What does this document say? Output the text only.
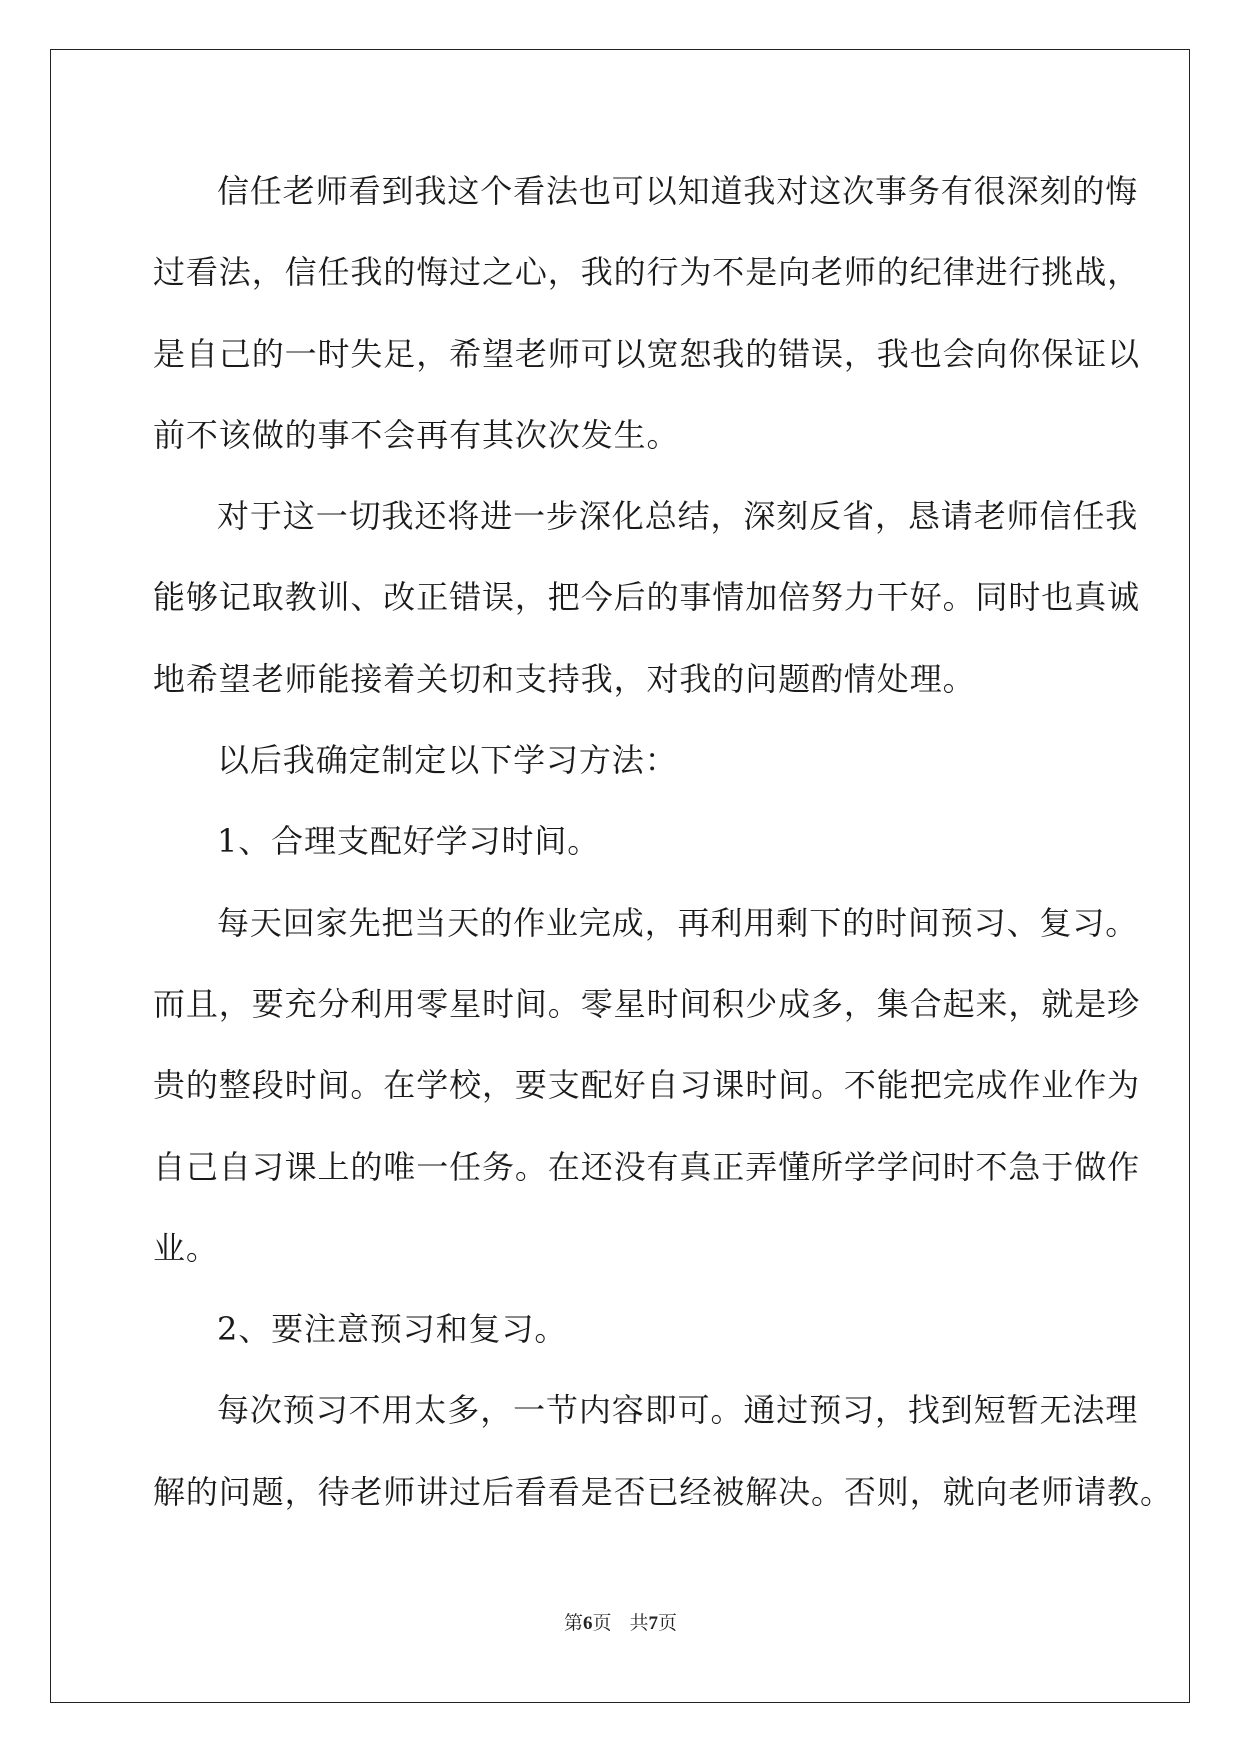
信任老师看到我这个看法也可以知道我对这次事务有很深刻的悔
过看法，信任我的悔过之心，我的行为不是向老师的纪律进行挑战，
是自己的一时失足，希望老师可以宽恕我的错误，我也会向你保证以
前不该做的事不会再有其次次发生。
对于这一切我还将进一步深化总结，深刻反省，恳请老师信任我
能够记取教训、改正错误，把今后的事情加倍努力干好。同时也真诚
地希望老师能接着关切和支持我，对我的问题酌情处理。
以后我确定制定以下学习方法：
1、合理支配好学习时间。
每天回家先把当天的作业完成，再利用剩下的时间预习、复习。
而且，要充分利用零星时间。零星时间积少成多，集合起来，就是珍
贵的整段时间。在学校，要支配好自习课时间。不能把完成作业作为
自己自习课上的唯一任务。在还没有真正弄懂所学学问时不急于做作
业。
2、要注意预习和复习。
每次预习不用太多，一节内容即可。通过预习，找到短暂无法理
解的问题，待老师讲过后看看是否已经被解决。否则，就向老师请教。
第6页 共7页
